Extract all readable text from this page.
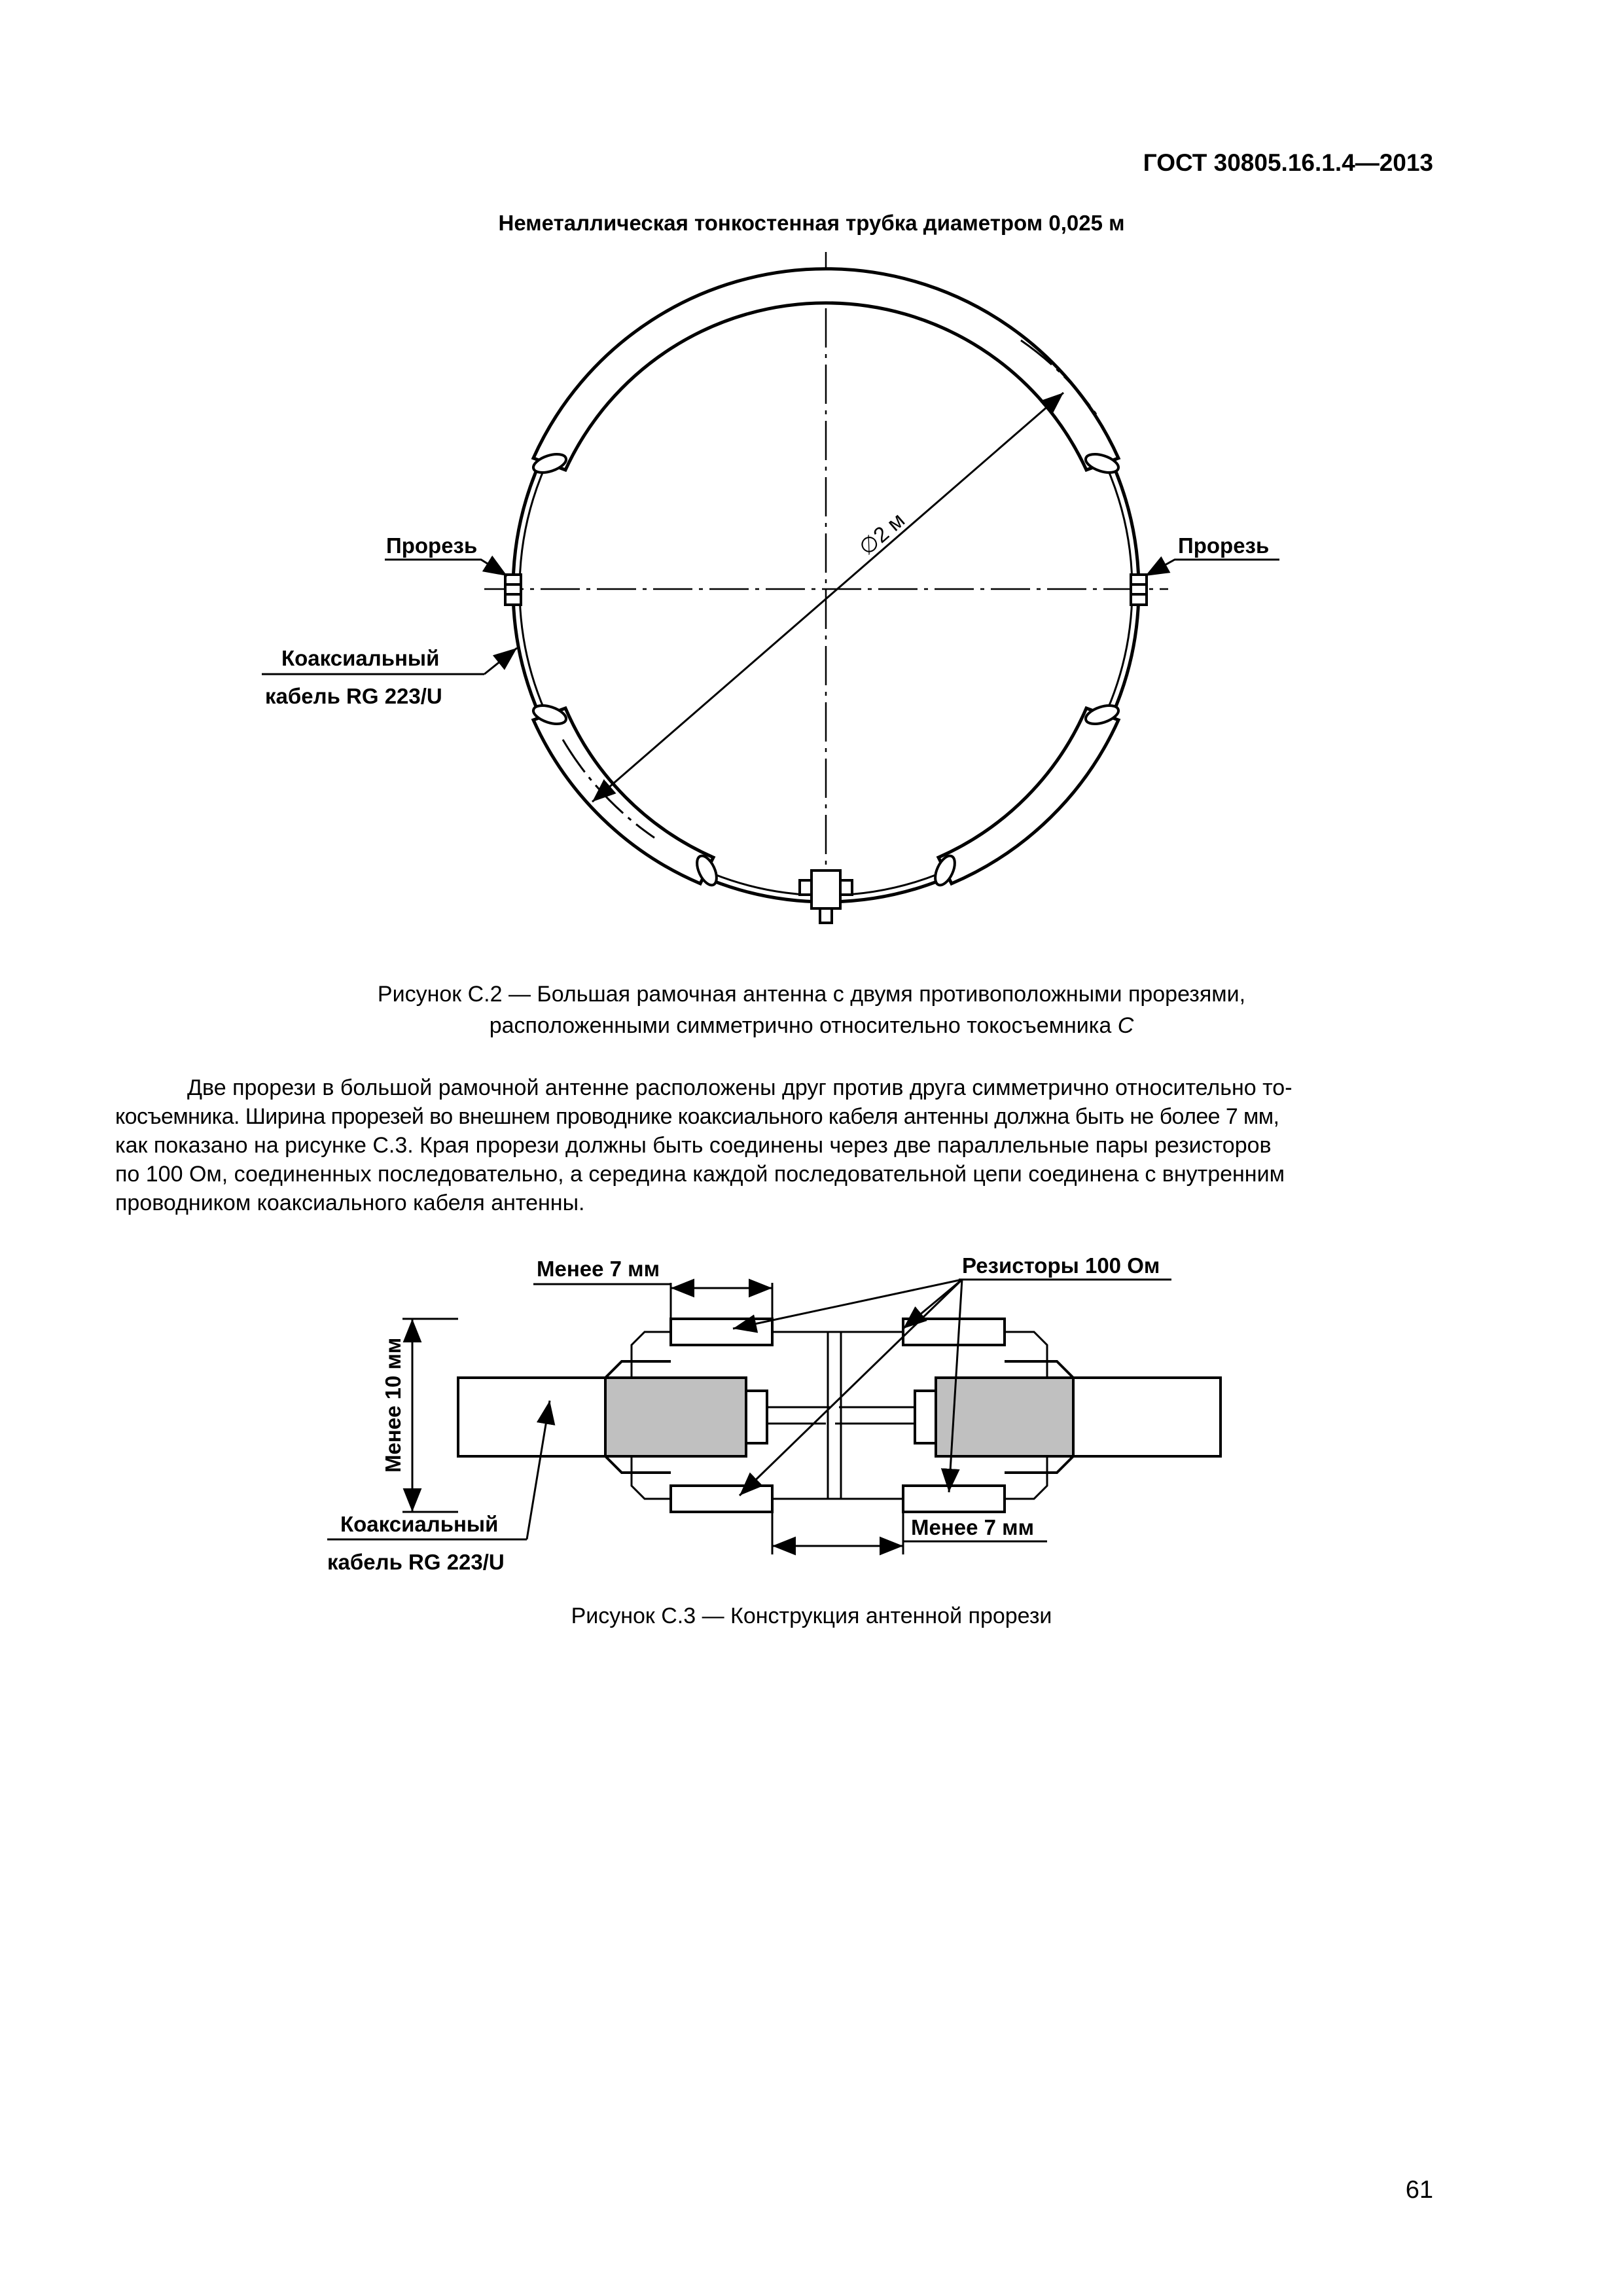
ГОСТ 30805.16.1.4—2013
Неметаллическая тонкостенная трубка диаметром 0,025 м
∅2 м
Прорезь	Прорезь
Коаксиальный
кабель RG 223/U
Рисунок С.2 — Большая рамочная антенна с двумя противоположными прорезями,
расположенными симметрично относительно токосъемника С
Две прорези в большой рамочной антенне расположены друг против друга симметрично относительно то-
косъемника. Ширина прорезей во внешнем проводнике коаксиального кабеля антенны должна быть не более 7 мм,
как показано на рисунке С.3. Края прорези должны быть соединены через две параллельные пары резисторов
по 100 Ом, соединенных последовательно, а середина каждой последовательной цепи соединена с внутренним
проводником коаксиального кабеля антенны.
Менее 7 мм	Резисторы 100 Ом
Менее 10 мм
Менее 7 мм
Коаксиальный
кабель RG 223/U
Рисунок С.3 — Конструкция антенной прорези
61
